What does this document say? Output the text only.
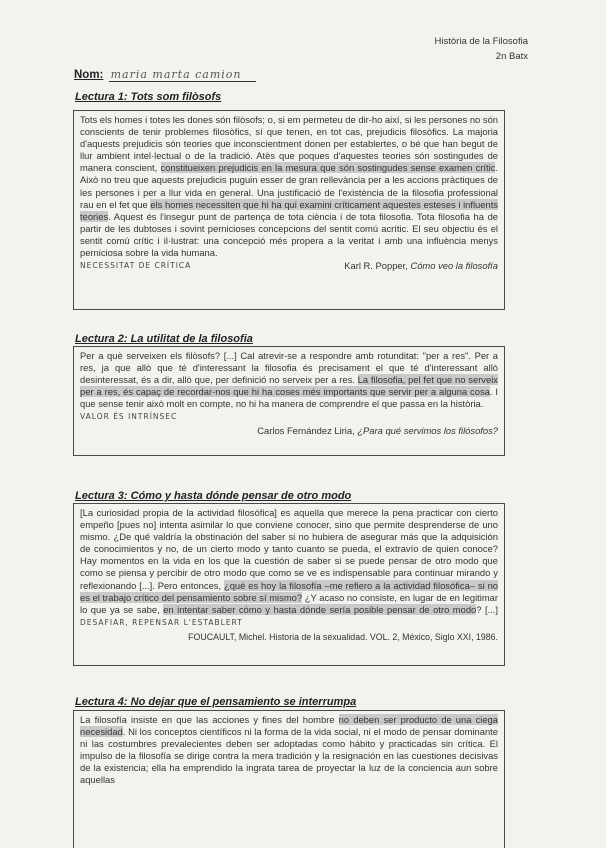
Història de la Filosofia
2n Batx
Nom: maria marta camion
Lectura 1: Tots som filòsofs

Tots els homes i totes les dones són filòsofs; o, si em permeteu de dir-ho així, si les persones no són conscients de tenir problemes filosòfics, sí que tenen, en tot cas, prejudicis filosòfics. La majoria d'aquests prejudicis són teories que inconscientment donen per establertes, o bé que han begut de llur ambient intel·lectual o de la tradició. Atès que poques d'aquestes teories són sostingudes de manera conscient, constitueixen prejudicis en la mesura que són sostingudes sense examen crític. Això no treu que aquests prejudicis puguin esser de gran rellevància per a les accions pràctiques de les persones i per a llur vida en general. Una justificació de l'existència de la filosofia professional rau en el fet que els homes necessiten que hi ha qui examini críticament aquestes esteses i influents teories. Aquest és l'insegur punt de partença de tota ciència i de tota filosofia. Tota filosofia ha de partir de les dubtoses i sovint pernicioses concepcions del sentit comú acrític. El seu objectiu és el sentit comú crític i il·lustrat: una concepció més propera a la veritat i amb una influència menys perniciosa sobre la vida humana.

NECESSITAT DE CRÍTICA	Karl R. Popper, Cómo veo la filosofía
Lectura 2: La utilitat de la filosofia

Per a què serveixen els filòsofs? [...] Cal atrevir-se a respondre amb rotunditat: "per a res". Per a res, ja que allò que té d'interessant la filosofia és precisament el que té d'interessant allò desinteressat, és a dir, allò que, per definició no serveix per a res. La filosofia, pel fet que no serveix per a res, és capaç de recordar-nos que hi ha coses més importants que servir per a alguna cosa. I que sense tenir això molt en compte, no hi ha manera de comprendre el que passa en la història.

VALOR ÉS INTRÍNSEC
Carlos Fernández Liria, ¿Para qué servimos los filósofos?
Lectura 3: Cómo y hasta dónde pensar de otro modo

[La curiosidad propia de la actividad filosófica] es aquella que merece la pena practicar con cierto empeño [pues no] intenta asimilar lo que conviene conocer, sino que permite desprenderse de uno mismo. ¿De qué valdría la obstinación del saber si no hubiera de asegurar más que la adquisición de conocimientos y no, de un cierto modo y tanto cuanto se pueda, el extravío de quien conoce? Hay momentos en la vida en los que la cuestión de saber si se puede pensar de otro modo que como se piensa y percibir de otro modo que como se ve es indispensable para continuar mirando y reflexionando [...]. Pero entonces, ¿qué es hoy la filosofía –me refiero a la actividad filosófica– si no es el trabajo crítico del pensamiento sobre sí mismo? ¿Y acaso no consiste, en lugar de en legitimar lo que ya se sabe, en intentar saber cómo y hasta dónde sería posible pensar de otro modo? [...] DESAFIAR, REPENSAR L'ESTABLERT

FOUCAULT, Michel. Historia de la sexualidad. VOL. 2, México, Siglo XXI, 1986.
Lectura 4: No dejar que el pensamiento se interrumpa

La filosofía insiste en que las acciones y fines del hombre no deben ser producto de una ciega necesidad. Ni los conceptos científicos ni la forma de la vida social, ni el modo de pensar dominante ni las costumbres prevalecientes deben ser adoptadas como hábito y practicadas sin crítica. El impulso de la filosofía se dirige contra la mera tradición y la resignación en las cuestiones decisivas de la existencia; ella ha emprendido la ingrata tarea de proyectar la luz de la conciencia aun sobre aquellas
